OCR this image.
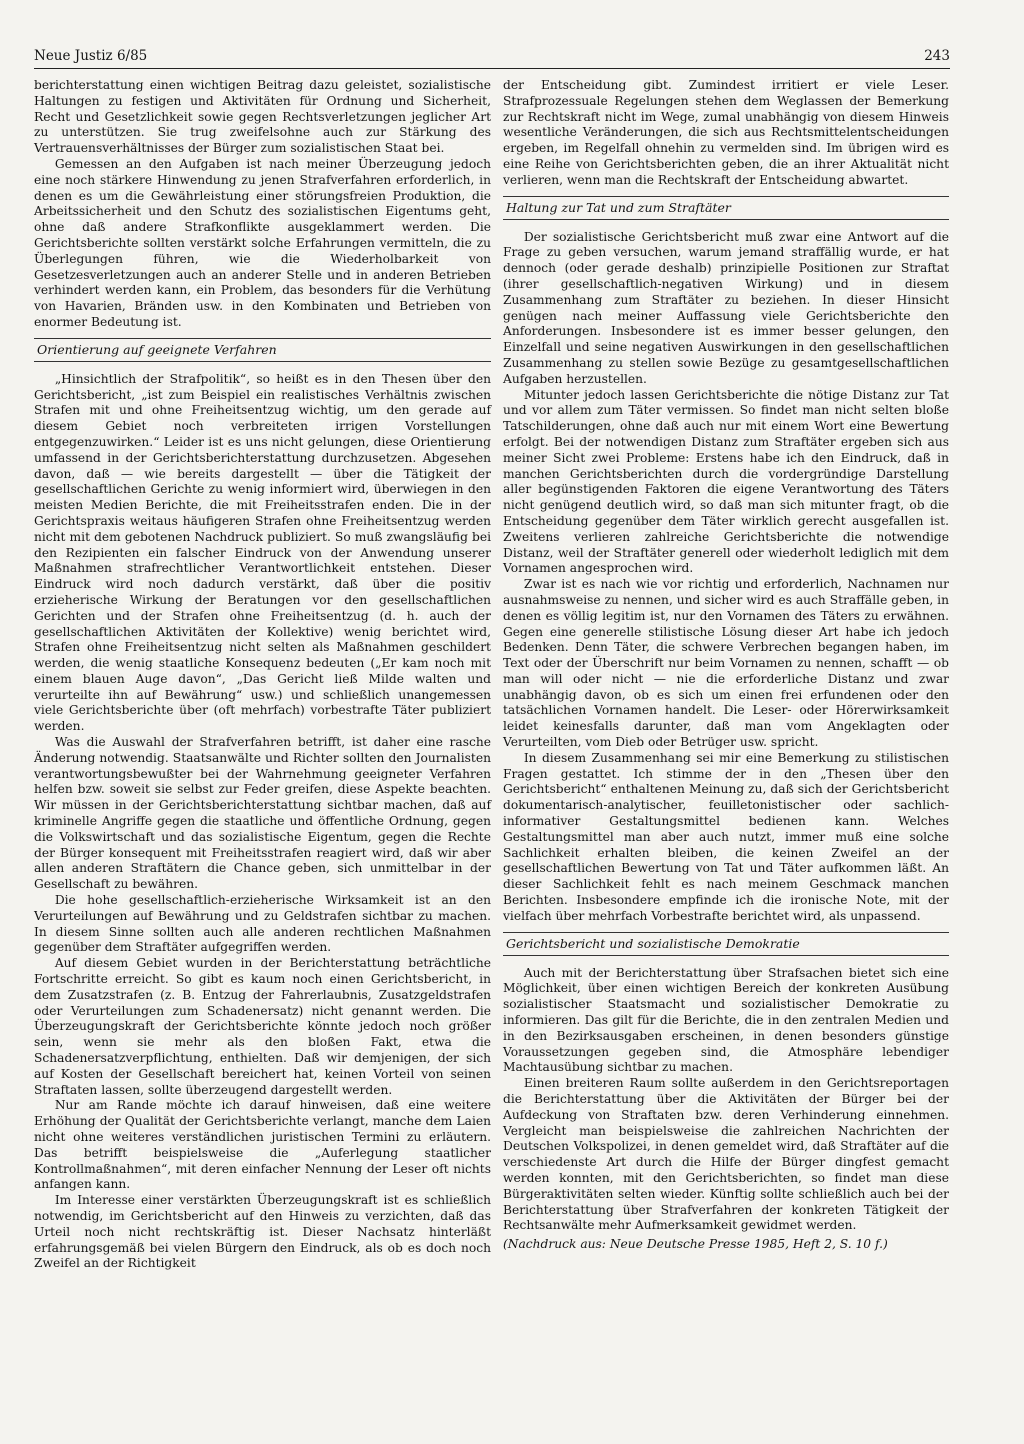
Neue Justiz 6/85	243

berichterstattung einen wichtigen Beitrag dazu geleistet, sozialistische Haltungen zu festigen und Aktivitäten für Ordnung und Sicherheit, Recht und Gesetzlichkeit sowie gegen Rechtsverletzungen jeglicher Art zu unterstützen. Sie trug zweifelsohne auch zur Stärkung des Vertrauensverhältnisses der Bürger zum sozialistischen Staat bei.

Gemessen an den Aufgaben ist nach meiner Überzeugung jedoch eine noch stärkere Hinwendung zu jenen Strafverfahren erforderlich, in denen es um die Gewährleistung einer störungsfreien Produktion, die Arbeitssicherheit und den Schutz des sozialistischen Eigentums geht, ohne daß andere Strafkonflikte ausgeklammert werden. Die Gerichtsberichte sollten verstärkt solche Erfahrungen vermitteln, die zu Überlegungen führen, wie die Wiederholbarkeit von Gesetzesverletzungen auch an anderer Stelle und in anderen Betrieben verhindert werden kann, ein Problem, das besonders für die Verhütung von Havarien, Bränden usw. in den Kombinaten und Betrieben von enormer Bedeutung ist.

Orientierung auf geeignete Verfahren

„Hinsichtlich der Strafpolitik“, so heißt es in den Thesen über den Gerichtsbericht, „ist zum Beispiel ein realistisches Verhältnis zwischen Strafen mit und ohne Freiheitsentzug wichtig, um den gerade auf diesem Gebiet noch verbreiteten irrigen Vorstellungen entgegenzuwirken.“ Leider ist es uns nicht gelungen, diese Orientierung umfassend in der Gerichtsberichterstattung durchzusetzen. Abgesehen davon, daß — wie bereits dargestellt — über die Tätigkeit der gesellschaftlichen Gerichte zu wenig informiert wird, überwiegen in den meisten Medien Berichte, die mit Freiheitsstrafen enden. Die in der Gerichtspraxis weitaus häufigeren Strafen ohne Freiheitsentzug werden nicht mit dem gebotenen Nachdruck publiziert. So muß zwangsläufig bei den Rezipienten ein falscher Eindruck von der Anwendung unserer Maßnahmen strafrechtlicher Verantwortlichkeit entstehen. Dieser Eindruck wird noch dadurch verstärkt, daß über die positiv erzieherische Wirkung der Beratungen vor den gesellschaftlichen Gerichten und der Strafen ohne Freiheitsentzug (d. h. auch der gesellschaftlichen Aktivitäten der Kollektive) wenig berichtet wird, Strafen ohne Freiheitsentzug nicht selten als Maßnahmen geschildert werden, die wenig staatliche Konsequenz bedeuten („Er kam noch mit einem blauen Auge davon“, „Das Gericht ließ Milde walten und verurteilte ihn auf Bewährung“ usw.) und schließlich unangemessen viele Gerichtsberichte über (oft mehrfach) vorbestrafte Täter publiziert werden.

Was die Auswahl der Strafverfahren betrifft, ist daher eine rasche Änderung notwendig. Staatsanwälte und Richter sollten den Journalisten verantwortungsbewußter bei der Wahrnehmung geeigneter Verfahren helfen bzw. soweit sie selbst zur Feder greifen, diese Aspekte beachten. Wir müssen in der Gerichtsberichterstattung sichtbar machen, daß auf kriminelle Angriffe gegen die staatliche und öffentliche Ordnung, gegen die Volkswirtschaft und das sozialistische Eigentum, gegen die Rechte der Bürger konsequent mit Freiheitsstrafen reagiert wird, daß wir aber allen anderen Straftätern die Chance geben, sich unmittelbar in der Gesellschaft zu bewähren.

Die hohe gesellschaftlich-erzieherische Wirksamkeit ist an den Verurteilungen auf Bewährung und zu Geldstrafen sichtbar zu machen. In diesem Sinne sollten auch alle anderen rechtlichen Maßnahmen gegenüber dem Straftäter aufgegriffen werden.

Auf diesem Gebiet wurden in der Berichterstattung beträchtliche Fortschritte erreicht. So gibt es kaum noch einen Gerichtsbericht, in dem Zusatzstrafen (z. B. Entzug der Fahrerlaubnis, Zusatzgeldstrafen oder Verurteilungen zum Schadenersatz) nicht genannt werden. Die Überzeugungskraft der Gerichtsberichte könnte jedoch noch größer sein, wenn sie mehr als den bloßen Fakt, etwa die Schadenersatzverpflichtung, enthielten. Daß wir demjenigen, der sich auf Kosten der Gesellschaft bereichert hat, keinen Vorteil von seinen Straftaten lassen, sollte überzeugend dargestellt werden.

Nur am Rande möchte ich darauf hinweisen, daß eine weitere Erhöhung der Qualität der Gerichtsberichte verlangt, manche dem Laien nicht ohne weiteres verständlichen juristischen Termini zu erläutern. Das betrifft beispielsweise die „Auferlegung staatlicher Kontrollmaßnahmen“, mit deren einfacher Nennung der Leser oft nichts anfangen kann.

Im Interesse einer verstärkten Überzeugungskraft ist es schließlich notwendig, im Gerichtsbericht auf den Hinweis zu verzichten, daß das Urteil noch nicht rechtskräftig ist. Dieser Nachsatz hinterläßt erfahrungsgemäß bei vielen Bürgern den Eindruck, als ob es doch noch Zweifel an der Richtigkeit

der Entscheidung gibt. Zumindest irritiert er viele Leser. Strafprozessuale Regelungen stehen dem Weglassen der Bemerkung zur Rechtskraft nicht im Wege, zumal unabhängig von diesem Hinweis wesentliche Veränderungen, die sich aus Rechtsmittelentscheidungen ergeben, im Regelfall ohnehin zu vermelden sind. Im übrigen wird es eine Reihe von Gerichtsberichten geben, die an ihrer Aktualität nicht verlieren, wenn man die Rechtskraft der Entscheidung abwartet.

Haltung zur Tat und zum Straftäter

Der sozialistische Gerichtsbericht muß zwar eine Antwort auf die Frage zu geben versuchen, warum jemand straffällig wurde, er hat dennoch (oder gerade deshalb) prinzipielle Positionen zur Straftat (ihrer gesellschaftlich-negativen Wirkung) und in diesem Zusammenhang zum Straftäter zu beziehen. In dieser Hinsicht genügen nach meiner Auffassung viele Gerichtsberichte den Anforderungen. Insbesondere ist es immer besser gelungen, den Einzelfall und seine negativen Auswirkungen in den gesellschaftlichen Zusammenhang zu stellen sowie Bezüge zu gesamtgesellschaftlichen Aufgaben herzustellen.

Mitunter jedoch lassen Gerichtsberichte die nötige Distanz zur Tat und vor allem zum Täter vermissen. So findet man nicht selten bloße Tatschilderungen, ohne daß auch nur mit einem Wort eine Bewertung erfolgt. Bei der notwendigen Distanz zum Straftäter ergeben sich aus meiner Sicht zwei Probleme: Erstens habe ich den Eindruck, daß in manchen Gerichtsberichten durch die vordergründige Darstellung aller begünstigenden Faktoren die eigene Verantwortung des Täters nicht genügend deutlich wird, so daß man sich mitunter fragt, ob die Entscheidung gegenüber dem Täter wirklich gerecht ausgefallen ist. Zweitens verlieren zahlreiche Gerichtsberichte die notwendige Distanz, weil der Straftäter generell oder wiederholt lediglich mit dem Vornamen angesprochen wird.

Zwar ist es nach wie vor richtig und erforderlich, Nachnamen nur ausnahmsweise zu nennen, und sicher wird es auch Straffälle geben, in denen es völlig legitim ist, nur den Vornamen des Täters zu erwähnen. Gegen eine generelle stilistische Lösung dieser Art habe ich jedoch Bedenken. Denn Täter, die schwere Verbrechen begangen haben, im Text oder der Überschrift nur beim Vornamen zu nennen, schafft — ob man will oder nicht — nie die erforderliche Distanz und zwar unabhängig davon, ob es sich um einen frei erfundenen oder den tatsächlichen Vornamen handelt. Die Leser- oder Hörerwirksamkeit leidet keinesfalls darunter, daß man vom Angeklagten oder Verurteilten, vom Dieb oder Betrüger usw. spricht.

In diesem Zusammenhang sei mir eine Bemerkung zu stilistischen Fragen gestattet. Ich stimme der in den „Thesen über den Gerichtsbericht“ enthaltenen Meinung zu, daß sich der Gerichtsbericht dokumentarisch-analytischer, feuilletonistischer oder sachlich-informativer Gestaltungsmittel bedienen kann. Welches Gestaltungsmittel man aber auch nutzt, immer muß eine solche Sachlichkeit erhalten bleiben, die keinen Zweifel an der gesellschaftlichen Bewertung von Tat und Täter aufkommen läßt. An dieser Sachlichkeit fehlt es nach meinem Geschmack manchen Berichten. Insbesondere empfinde ich die ironische Note, mit der vielfach über mehrfach Vorbestrafte berichtet wird, als unpassend.

Gerichtsbericht und sozialistische Demokratie

Auch mit der Berichterstattung über Strafsachen bietet sich eine Möglichkeit, über einen wichtigen Bereich der konkreten Ausübung sozialistischer Staatsmacht und sozialistischer Demokratie zu informieren. Das gilt für die Berichte, die in den zentralen Medien und in den Bezirksausgaben erscheinen, in denen besonders günstige Voraussetzungen gegeben sind, die Atmosphäre lebendiger Machtausübung sichtbar zu machen.

Einen breiteren Raum sollte außerdem in den Gerichtsreportagen die Berichterstattung über die Aktivitäten der Bürger bei der Aufdeckung von Straftaten bzw. deren Verhinderung einnehmen. Vergleicht man beispielsweise die zahlreichen Nachrichten der Deutschen Volkspolizei, in denen gemeldet wird, daß Straftäter auf die verschiedenste Art durch die Hilfe der Bürger dingfest gemacht werden konnten, mit den Gerichtsberichten, so findet man diese Bürgeraktivitäten selten wieder. Künftig sollte schließlich auch bei der Berichterstattung über Strafverfahren der konkreten Tätigkeit der Rechtsanwälte mehr Aufmerksamkeit gewidmet werden.

(Nachdruck aus: Neue Deutsche Presse 1985, Heft 2, S. 10 f.)
